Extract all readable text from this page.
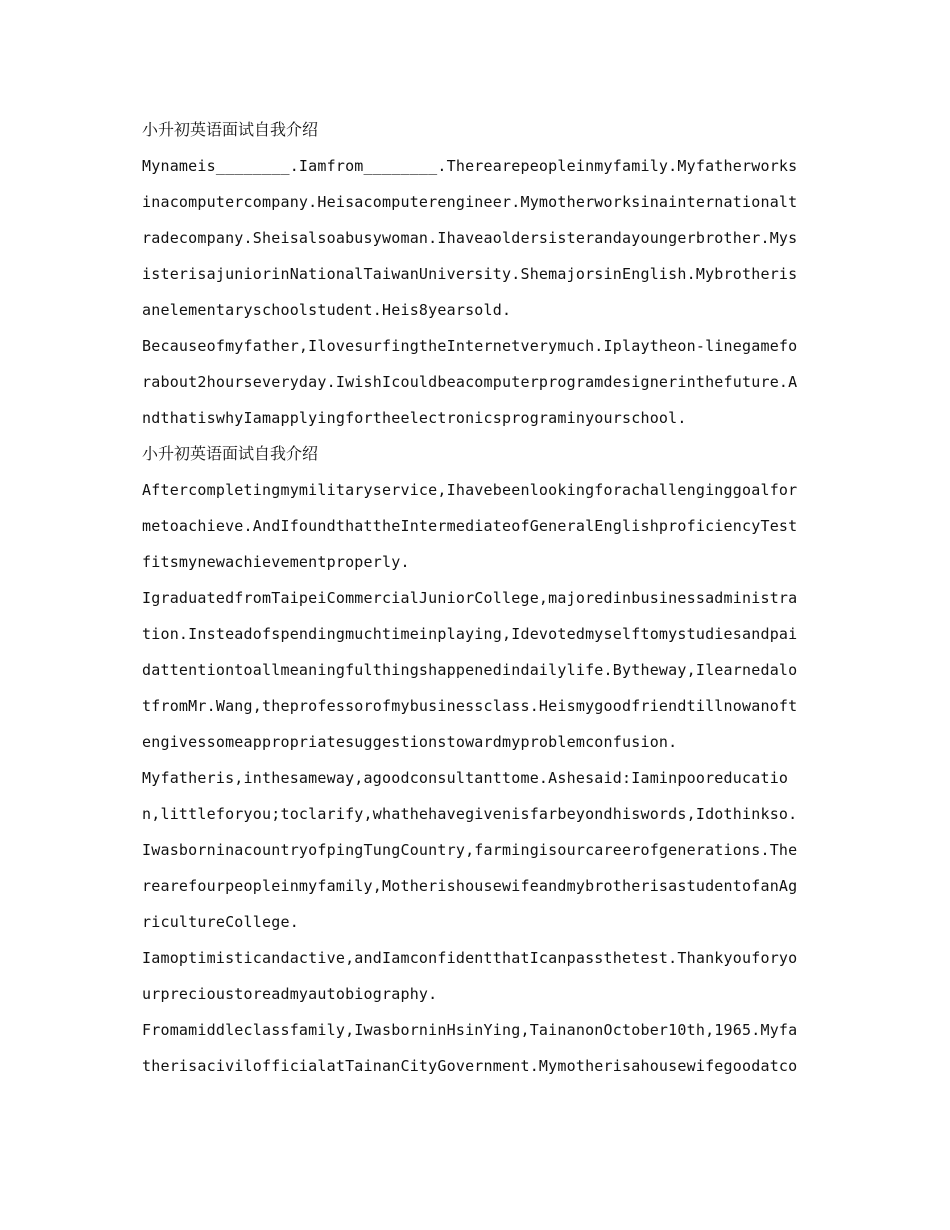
小升初英语面试自我介绍

Mynameis________.Iamfrom________.Therearepeopleinmyfamily.Myfatherworksinacomputercompany.Heisacomputerengineer.Mymotherworksinainternationaltradecompany.Sheisalsoabusywoman.Ihaveaoldersisterandayoungerbrother.MysisterisajuniorinNationalTaiwanUniversity.ShemajorsinEnglish.Mybrotherisanelementaryschoolstudent.Heis8yearsold.

Becauseofmyfather,IlovesurfingtheInternetverymuch.Iplaytheon-linegameforabout2hourseveryday.IwishIcouldbeacomputerprogramdesignerinthefuture.AndthatiswhyIamapplyingfortheelectronicsprograminyourschool.

小升初英语面试自我介绍

Aftercompletingmymilitaryservice,Ihavebeenlookingforachallenginggoalformetoachieve.AndIfoundthattheIntermediateofGeneralEnglishproficiencyTestfitsmynewachievementproperly.

IgraduatedfromTaipeiCommercialJuniorCollege,majoredinbusinessadministration.Insteadofspendingmuchtimeinplaying,Idevotedmyselftomystudiesandpaidattentiontoallmeaningfulthingshappenedindailylife.Bytheway,IlearnedalotfromMr.Wang,theprofessorofmybusinessclass.Heismygoodfriendtillnowanoftengivessomeappropriatesuggestionstowardmyproblemconfusion.

Myfatheris,inthesameway,agoodconsultanttome.Ashesaid:Iaminpooreducation,littleforyou;toclarify,whathehavegivenisfarbeyondhiswords,Idothinkso.IwasborninacountryofpingTungCountry,farmingisourcareerofgenerations.Therearefourpeopleinmyfamily,MotherishousewifeandmybrotherisastudentofanAgricultureCollege.

Iamoptimisticandactive,andIamconfidentthatIcanpassthetest.Thankyouforyourprecioustoreadmyautobiography.

Fromamiddleclassfamily,IwasborninHsinYing,TainanonOctober10th,1965.MyfatherisacivilofficialatTainanCityGovernment.Mymotherisahousewifegoodatco
